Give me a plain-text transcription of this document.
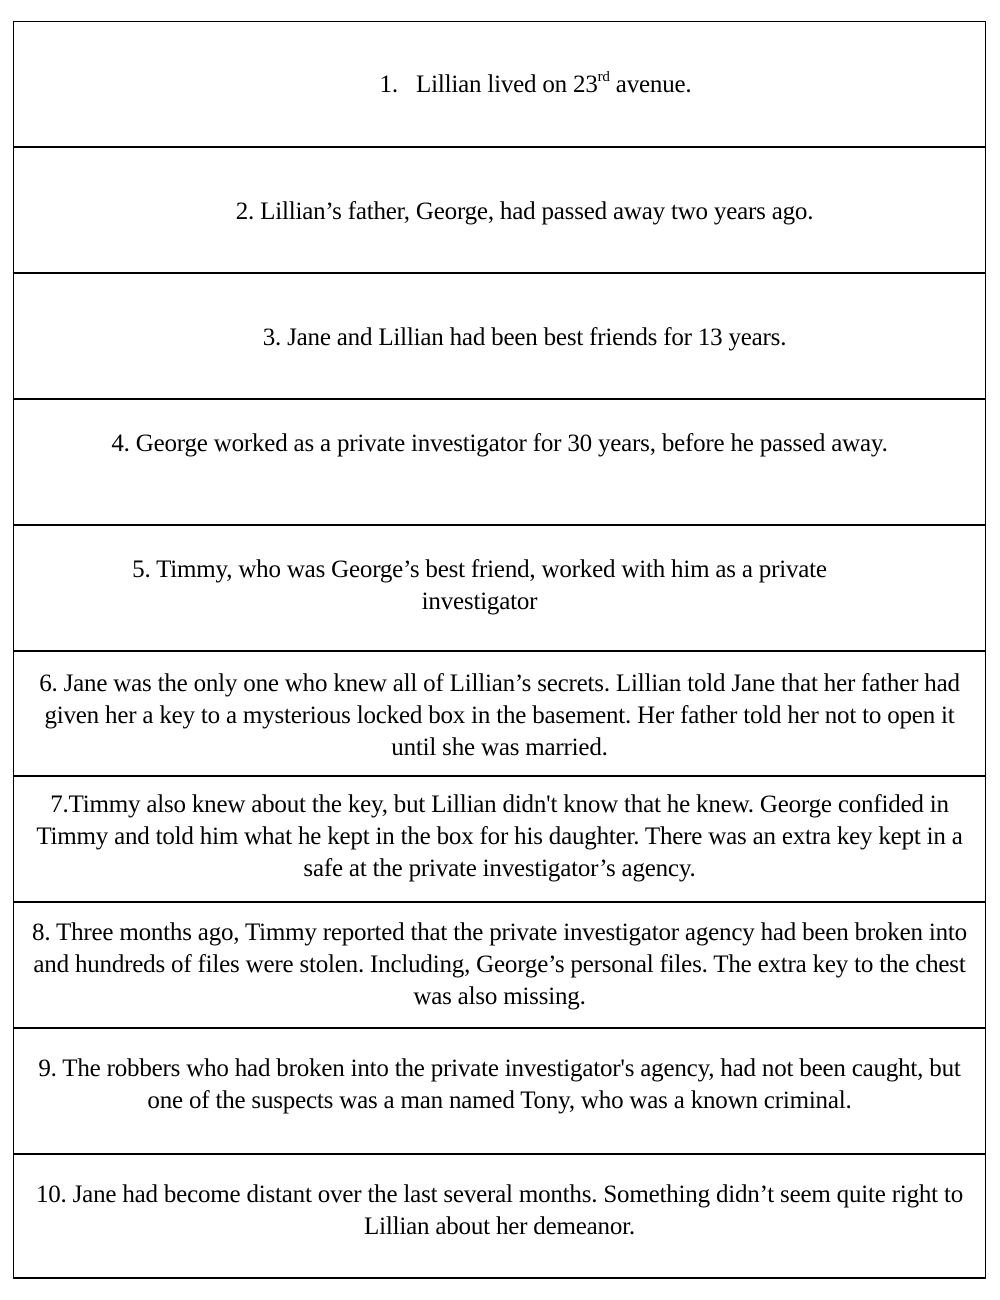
1. Lillian lived on 23rd avenue.

2. Lillian’s father, George, had passed away two years ago.

3. Jane and Lillian had been best friends for 13 years.

4. George worked as a private investigator for 30 years, before he passed away.

5. Timmy, who was George’s best friend, worked with him as a private investigator

6. Jane was the only one who knew all of Lillian’s secrets. Lillian told Jane that her father had given her a key to a mysterious locked box in the basement. Her father told her not to open it until she was married.

7.Timmy also knew about the key, but Lillian didn't know that he knew. George confided in Timmy and told him what he kept in the box for his daughter. There was an extra key kept in a safe at the private investigator’s agency.

8. Three months ago, Timmy reported that the private investigator agency had been broken into and hundreds of files were stolen. Including, George’s personal files. The extra key to the chest was also missing.

9. The robbers who had broken into the private investigator's agency, had not been caught, but one of the suspects was a man named Tony, who was a known criminal.

10. Jane had become distant over the last several months. Something didn’t seem quite right to Lillian about her demeanor.
